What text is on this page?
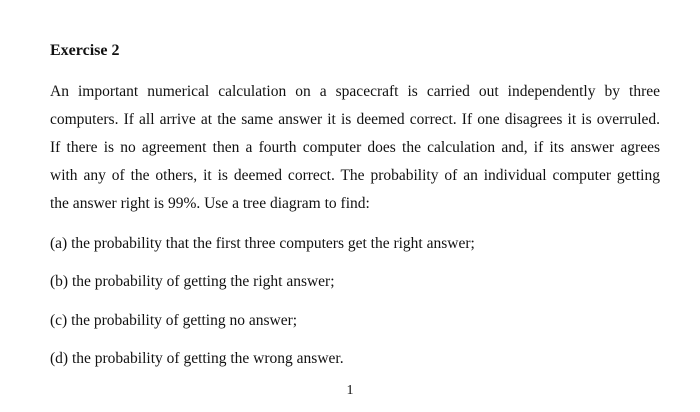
Exercise 2
An important numerical calculation on a spacecraft is carried out independently by three
computers. If all arrive at the same answer it is deemed correct. If one disagrees it is overruled.
If there is no agreement then a fourth computer does the calculation and, if its answer agrees
with any of the others, it is deemed correct. The probability of an individual computer getting
the answer right is 99%. Use a tree diagram to find:
(a) the probability that the first three computers get the right answer;
(b) the probability of getting the right answer;
(c) the probability of getting no answer;
(d) the probability of getting the wrong answer.
1
